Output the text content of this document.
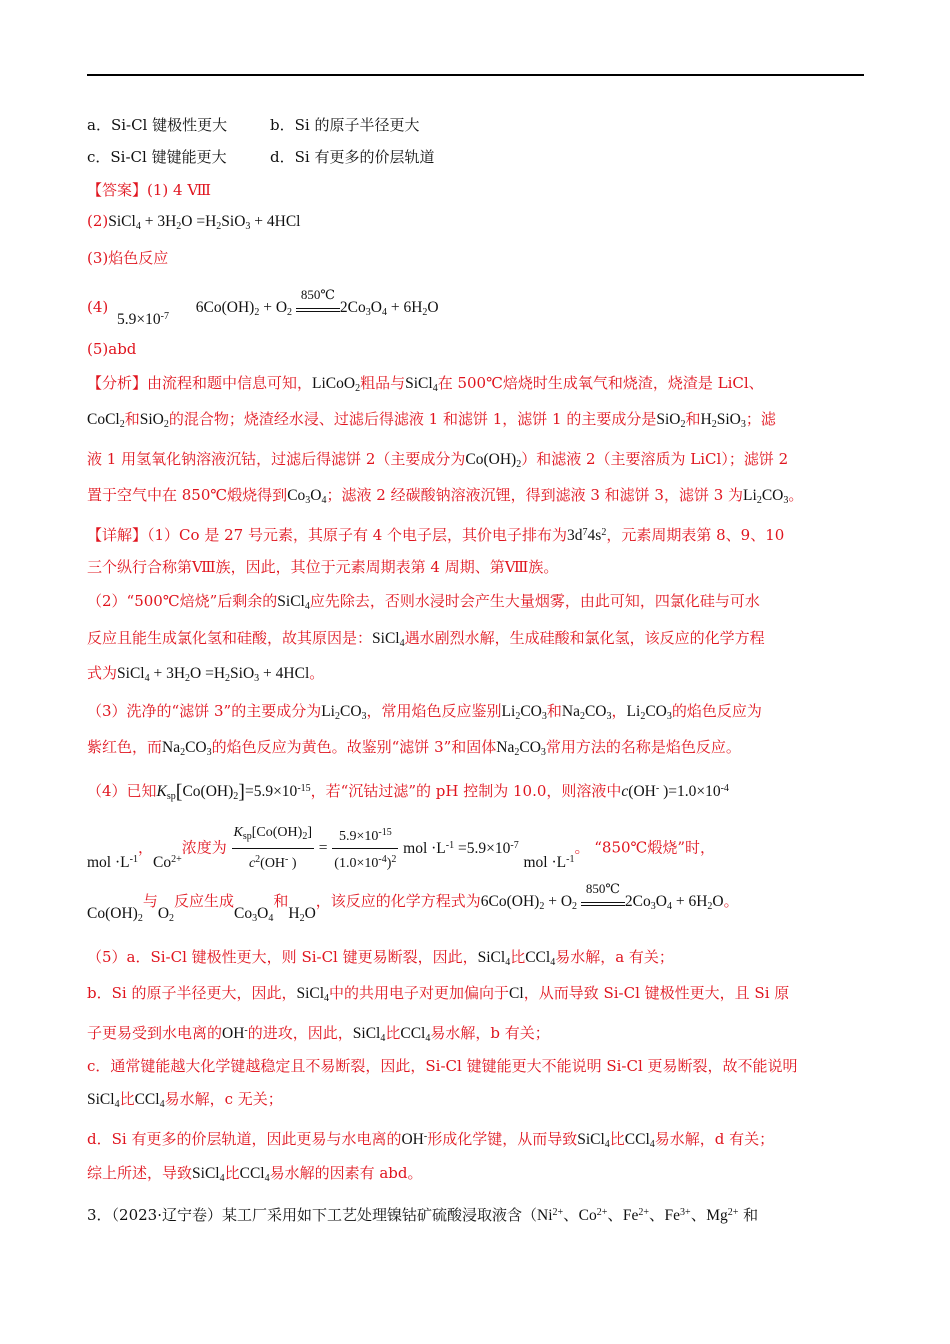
a．Si-Cl 键极性更大	b．Si 的原子半径更大
c．Si-Cl 键键能更大	d．Si 有更多的价层轨道
【答案】(1) 4 Ⅷ
(2)SiCl$_4$ + $3H_2O =H_2SiO_3 + 4HCl$
(3)焰色反应
(4) $5.9\times 10^{-7}$ $6Co(OH)_2 + O_2$
850℃
$2Co_3O_4 + 6H_2O$
(5)abd
【分析】由流程和题中信息可知，LiCoO$_2$粗品与SiCl$_4$在 500℃焙烧时生成氧气和烧渣，烧渣是 LiCl、
CoCl$_2$和SiO$_2$的混合物；烧渣经水浸、过滤后得滤液 1 和滤饼 1，滤饼 1 的主要成分是SiO$_2$和$H_2SiO_3$；滤
液 1 用氢氧化钠溶液沉钴，过滤后得滤饼 2（主要成分为$Co(OH)_2$）和滤液 2（主要溶质为 LiCl）；滤饼 2
置于空气中在 850℃煅烧得到$Co_3O_4$；滤液 2 经碳酸钠溶液沉锂，得到滤液 3 和滤饼 3，滤饼 3 为$Li_2CO_3$。
【详解】（1）Co 是 27 号元素，其原子有 4 个电子层，其价电子排布为$3d^74s^2$，元素周期表第 8、9、10
三个纵行合称第Ⅷ族，因此，其位于元素周期表第 4 周期、第Ⅷ族。
（2）“500℃焙烧”后剩余的SiCl$_4$应先除去，否则水浸时会产生大量烟雾，由此可知，四氯化硅与可水
反应且能生成氯化氢和硅酸，故其原因是：SiCl$_4$遇水剧烈水解，生成硅酸和氯化氢，该反应的化学方程
式为SiCl$_4$ + $3H_2O =H_2SiO_3 + 4HCl$。
（3）洗净的“滤饼 3”的主要成分为$Li_2CO_3$，常用焰色反应鉴别$Li_2CO_3$和$Na_2CO_3$，$Li_2CO_3$的焰色反应为
紫红色，而$Na_2CO_3$的焰色反应为黄色。故鉴别“滤饼 3”和固体$Na_2CO_3$常用方法的名称是焰色反应。
（4）已知$K_{sp}[Co(OH)_2]=5.9\times 10^{-15}$，若“沉钴过滤”的 pH 控制为 10.0，则溶液中c(OH- )$=1.0\times 10^{-4}$
mol $\cdot L^{-1}$，$Co^{2+}$浓度为 $\frac{K_{sp}[Co(OH)_2]}{c^2(OH^- )} = \frac{5.9\times 10^{-15}}{(1.0\times 10^{-4})^2}$ mol $\cdot L^{-1} =5.9\times 10^{-7}$ mol $\cdot L^{-1}$。 “850℃煅烧”时，
$Co(OH)_2$与$O_2$反应生成$Co_3O_4$和$H_2O$，该反应的化学方程式为$6Co(OH)_2 + O_2$
850℃
$2Co_3O_4 + 6H_2O$。
（5）a．Si-Cl 键极性更大，则 Si-Cl 键更易断裂，因此，SiCl$_4$比CCl$_4$易水解，a 有关；
b．Si 的原子半径更大，因此，SiCl$_4$中的共用电子对更加偏向于Cl，从而导致 Si-Cl 键极性更大，且 Si 原
子更易受到水电离的OH-的进攻，因此，SiCl$_4$比CCl$_4$易水解，b 有关；
c．通常键能越大化学键越稳定且不易断裂，因此，Si-Cl 键键能更大不能说明 Si-Cl 更易断裂，故不能说明
SiCl$_4$比CCl$_4$易水解，c 无关；
d．Si 有更多的价层轨道，因此更易与水电离的OH-形成化学键，从而导致SiCl$_4$比CCl$_4$易水解，d 有关；
综上所述，导致SiCl$_4$比CCl$_4$易水解的因素有 abd。
3．（2023·辽宁卷）某工厂采用如下工艺处理镍钴矿硫酸浸取液含（$Ni^{2+}$、$Co^{2+}$、$Fe^{2+}$、$Fe^{3+}$、$Mg^{2+}$ 和
